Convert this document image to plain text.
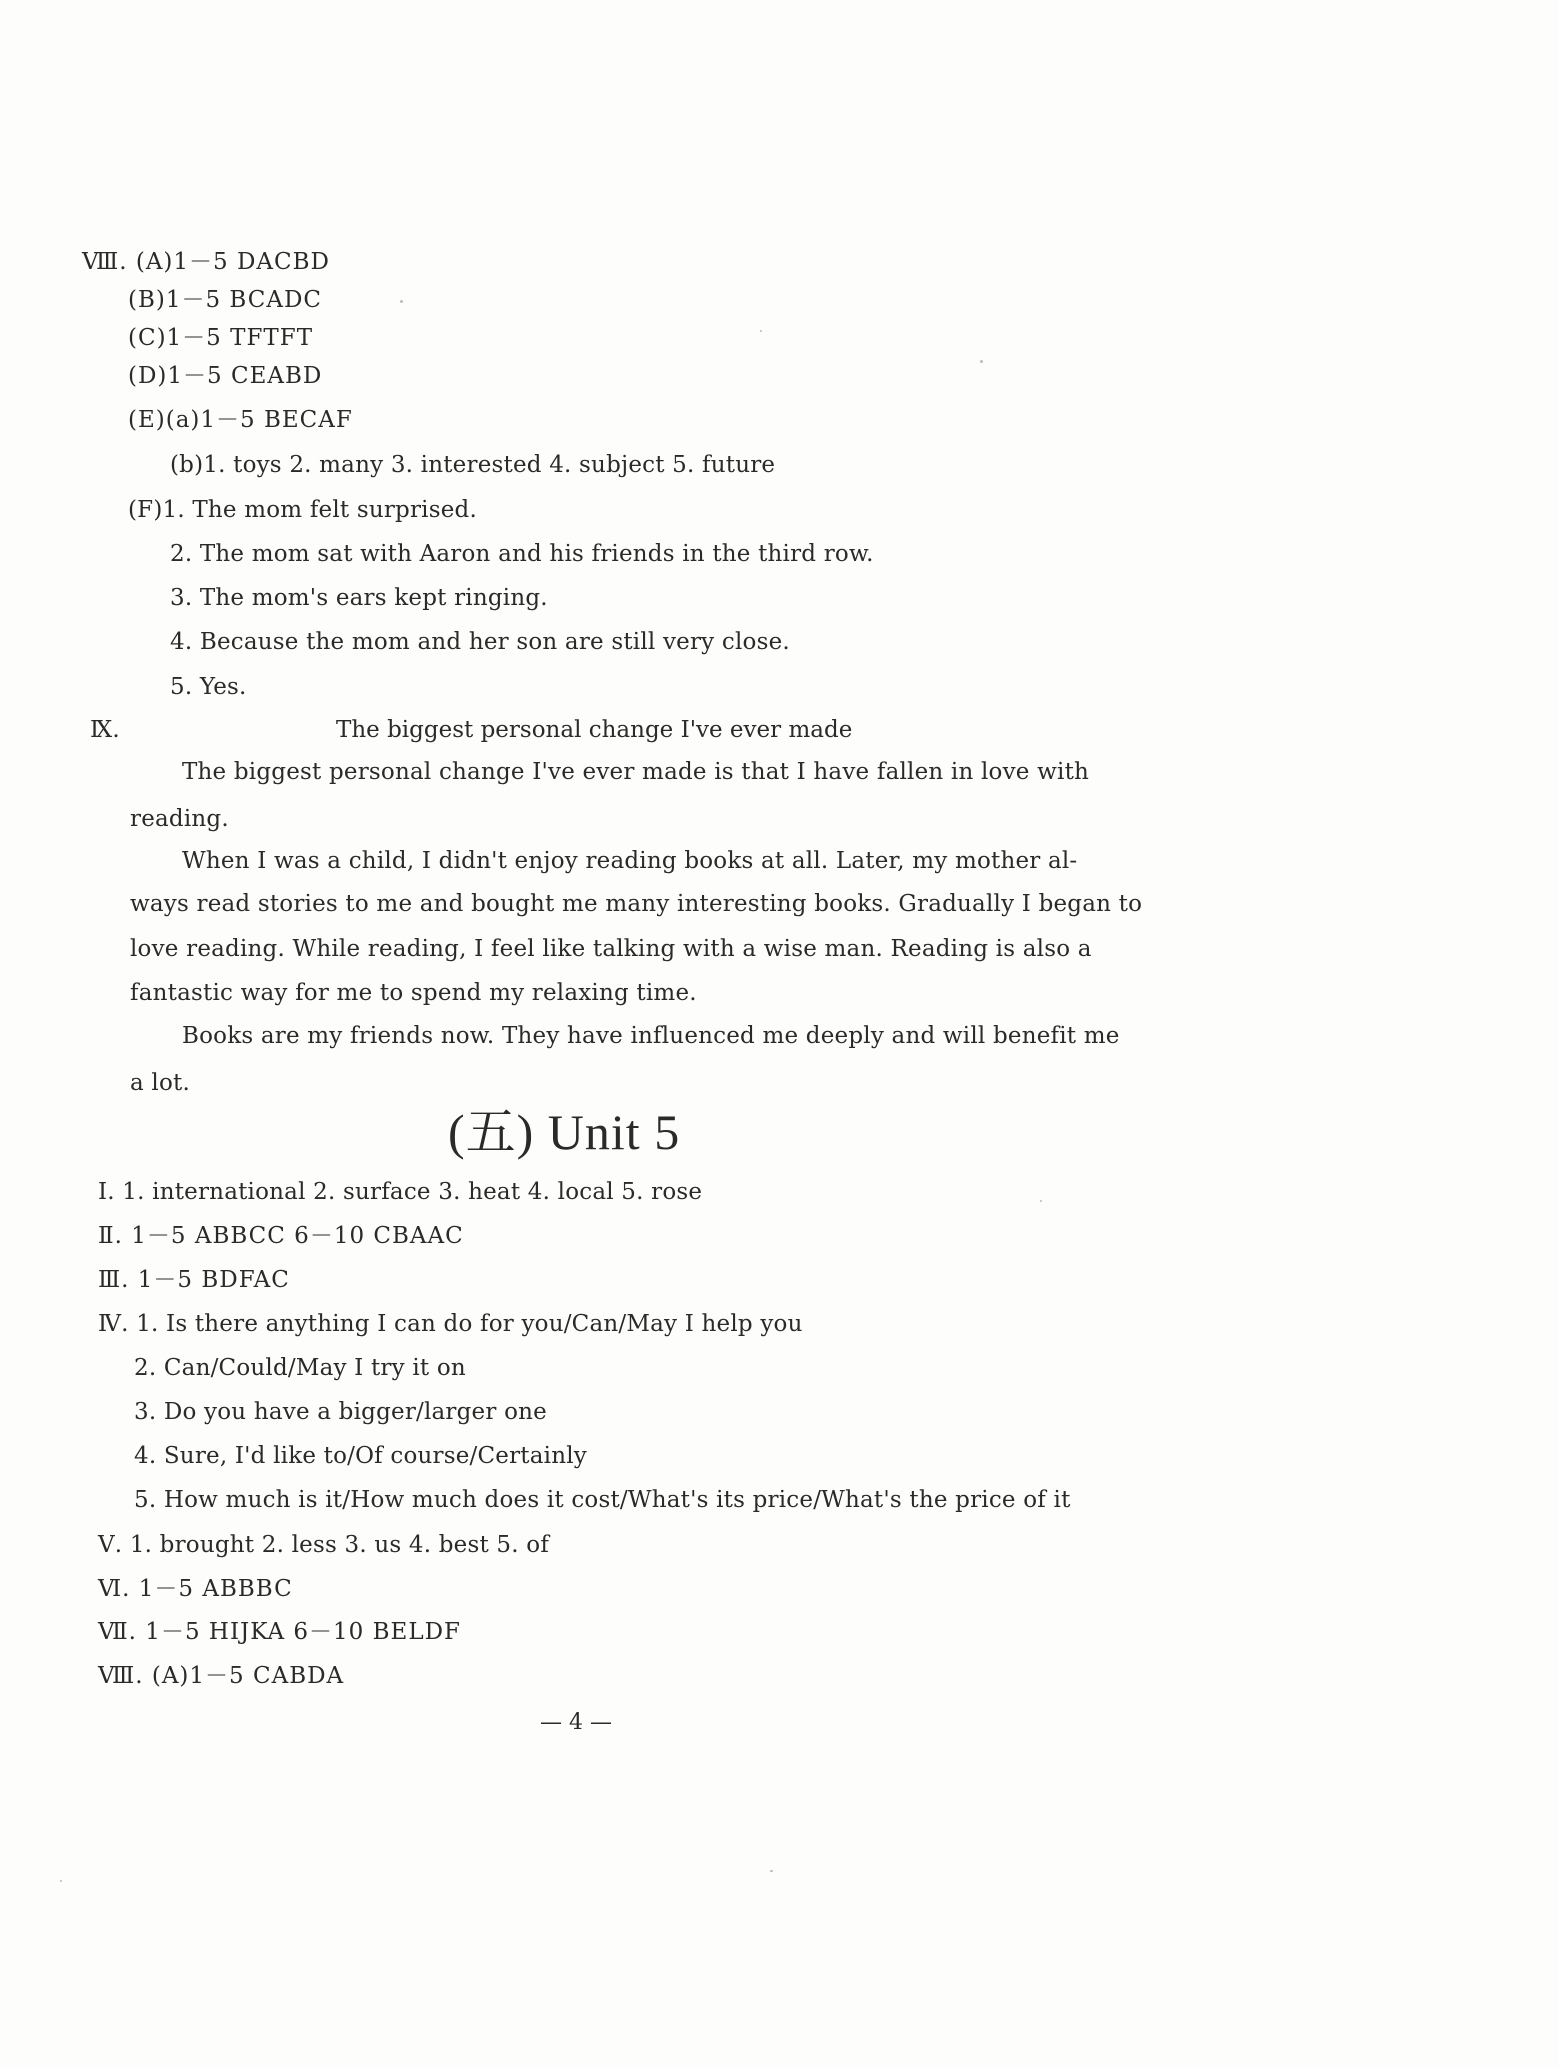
Ⅷ. (A)1－5 DACBD
(B)1－5 BCADC
(C)1－5 TFTFT
(D)1－5 CEABD
(E)(a)1－5 BECAF
(b)1. toys 2. many 3. interested 4. subject 5. future
(F)1. The mom felt surprised.
2. The mom sat with Aaron and his friends in the third row.
3. The mom's ears kept ringing.
4. Because the mom and her son are still very close.
5. Yes.
Ⅸ.	The biggest personal change I've ever made
The biggest personal change I've ever made is that I have fallen in love with
reading.
When I was a child, I didn't enjoy reading books at all. Later, my mother al-
ways read stories to me and bought me many interesting books. Gradually I began to
love reading. While reading, I feel like talking with a wise man. Reading is also a
fantastic way for me to spend my relaxing time.
Books are my friends now. They have influenced me deeply and will benefit me
a lot.
(五) Unit 5
Ⅰ. 1. international 2. surface 3. heat 4. local 5. rose
Ⅱ. 1－5 ABBCC 6－10 CBAAC
Ⅲ. 1－5 BDFAC
Ⅳ. 1. Is there anything I can do for you/Can/May I help you
2. Can/Could/May I try it on
3. Do you have a bigger/larger one
4. Sure, I'd like to/Of course/Certainly
5. How much is it/How much does it cost/What's its price/What's the price of it
Ⅴ. 1. brought 2. less 3. us 4. best 5. of
Ⅵ. 1－5 ABBBC
Ⅶ. 1－5 HIJKA 6－10 BELDF
Ⅷ. (A)1－5 CABDA
— 4 —
